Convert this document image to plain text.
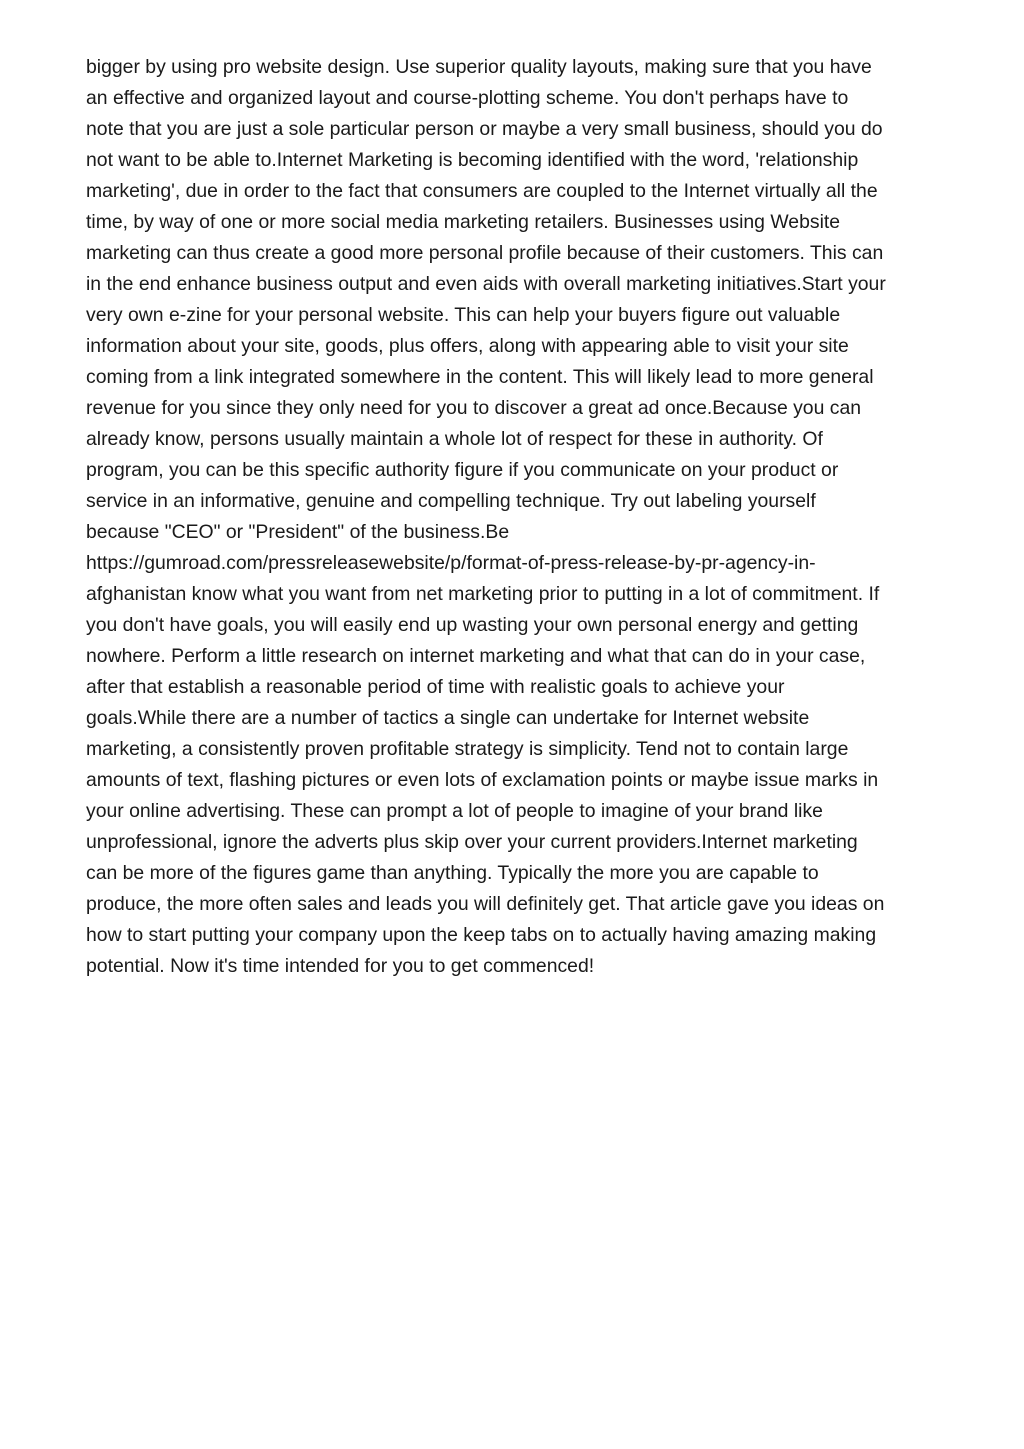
bigger by using pro website design. Use superior quality layouts, making sure that you have
an effective and organized layout and course-plotting scheme. You don't perhaps have to
note that you are just a sole particular person or maybe a very small business, should you do
not want to be able to.Internet Marketing is becoming identified with the word, 'relationship
marketing', due in order to the fact that consumers are coupled to the Internet virtually all the
time, by way of one or more social media marketing retailers. Businesses using Website
marketing can thus create a good more personal profile because of their customers. This can
in the end enhance business output and even aids with overall marketing initiatives.Start your
very own e-zine for your personal website. This can help your buyers figure out valuable
information about your site, goods, plus offers, along with appearing able to visit your site
coming from a link integrated somewhere in the content. This will likely lead to more general
revenue for you since they only need for you to discover a great ad once.Because you can
already know, persons usually maintain a whole lot of respect for these in authority. Of
program, you can be this specific authority figure if you communicate on your product or
service in an informative, genuine and compelling technique. Try out labeling yourself
because "CEO" or "President" of the business.Be
https://gumroad.com/pressreleasewebsite/p/format-of-press-release-by-pr-agency-in-
afghanistan know what you want from net marketing prior to putting in a lot of commitment. If
you don't have goals, you will easily end up wasting your own personal energy and getting
nowhere. Perform a little research on internet marketing and what that can do in your case,
after that establish a reasonable period of time with realistic goals to achieve your
goals.While there are a number of tactics a single can undertake for Internet website
marketing, a consistently proven profitable strategy is simplicity. Tend not to contain large
amounts of text, flashing pictures or even lots of exclamation points or maybe issue marks in
your online advertising. These can prompt a lot of people to imagine of your brand like
unprofessional, ignore the adverts plus skip over your current providers.Internet marketing
can be more of the figures game than anything. Typically the more you are capable to
produce, the more often sales and leads you will definitely get. That article gave you ideas on
how to start putting your company upon the keep tabs on to actually having amazing making
potential. Now it's time intended for you to get commenced!
